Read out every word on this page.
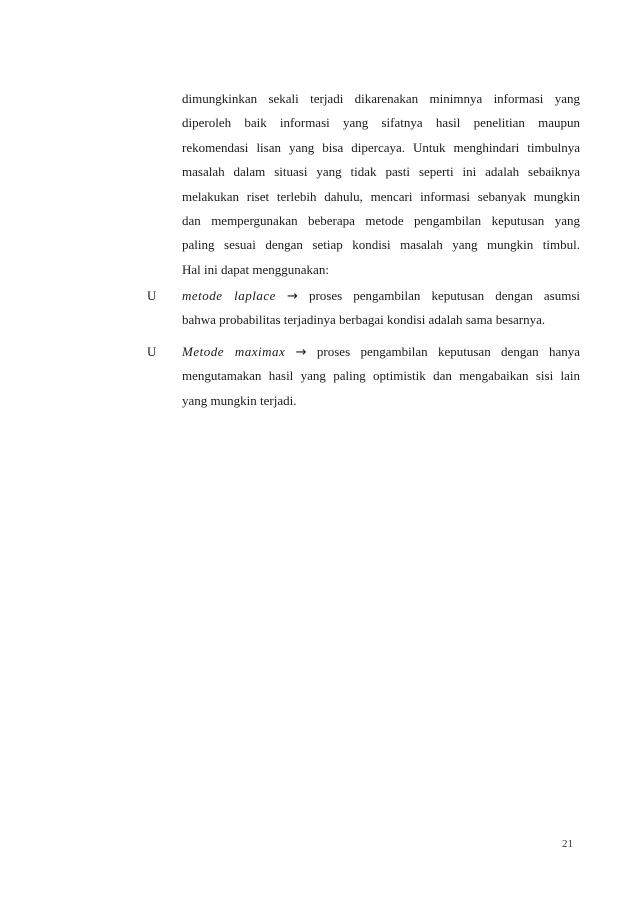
dimungkinkan sekali terjadi dikarenakan minimnya informasi yang
diperoleh baik informasi yang sifatnya hasil penelitian maupun
rekomendasi lisan yang bisa dipercaya. Untuk menghindari timbulnya
masalah dalam situasi yang tidak pasti seperti ini adalah sebaiknya
melakukan riset terlebih dahulu, mencari informasi sebanyak mungkin
dan mempergunakan beberapa metode pengambilan keputusan yang
paling sesuai dengan setiap kondisi masalah yang mungkin timbul.
Hal ini dapat menggunakan:
U	metode laplace → proses pengambilan keputusan dengan asumsi
bahwa probabilitas terjadinya berbagai kondisi adalah sama besarnya.
U	Metode maximax → proses pengambilan keputusan dengan hanya
mengutamakan hasil yang paling optimistik dan mengabaikan sisi lain
yang mungkin terjadi.
21
